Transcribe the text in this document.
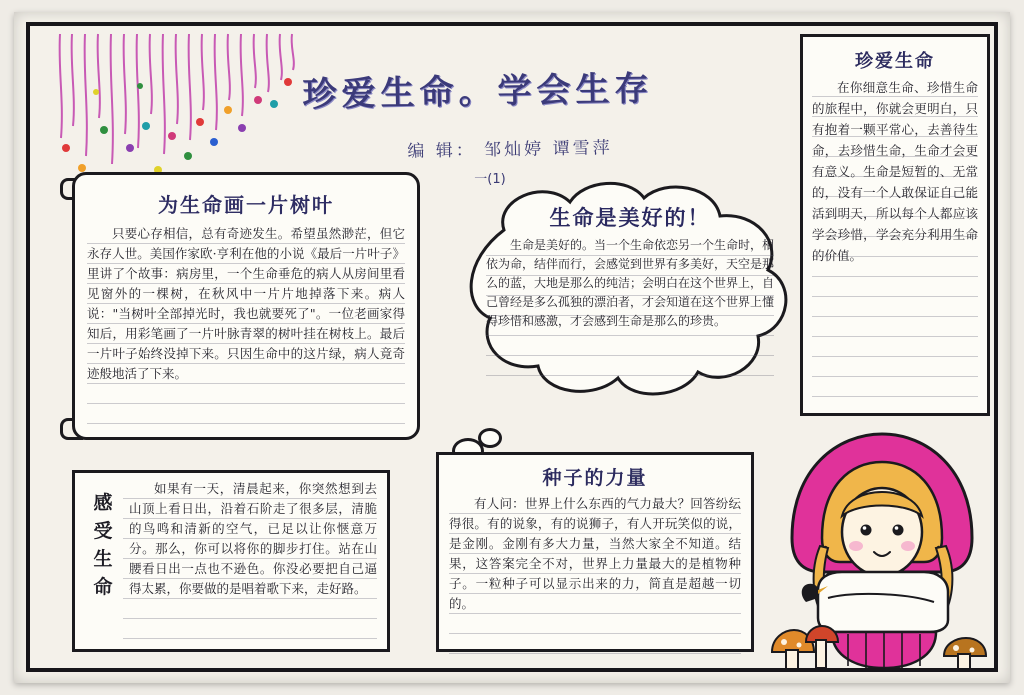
珍爱生命。学会生存
编 辑： 邹灿婷 谭雪萍
一(1)
为生命画一片树叶
只要心存相信，总有奇迹发生。希望虽然渺茫，但它永存人世。美国作家欧·亨利在他的小说《最后一片叶子》里讲了个故事：病房里，一个生命垂危的病人从房间里看见窗外的一棵树，在秋风中一片片地掉落下来。病人说："当树叶全部掉光时，我也就要死了"。一位老画家得知后，用彩笔画了一片叶脉青翠的树叶挂在树枝上。最后一片叶子始终没掉下来。只因生命中的这片绿，病人竟奇迹般地活了下来。
感
受
生
命
如果有一天，清晨起来，你突然想到去山顶上看日出，沿着石阶走了很多层，清脆的鸟鸣和清新的空气，已足以让你惬意万分。那么，你可以将你的脚步打住。站在山腰看日出一点也不逊色。你没必要把自己逼得太累，你要做的是唱着歌下来，走好路。
生命是美好的！
生命是美好的。当一个生命依恋另一个生命时，相依为命，结伴而行，会感觉到世界有多美好，天空是那么的蓝，大地是那么的纯洁；会明白在这个世界上，自己曾经是多么孤独的漂泊者，才会知道在这个世界上懂得珍惜和感激，才会感到生命是那么的珍贵。
珍爱生命
在你细意生命、珍惜生命的旅程中，你就会更明白，只有抱着一颗平常心，去善待生命，去珍惜生命，生命才会更有意义。生命是短暂的、无常的，没有一个人敢保证自己能活到明天，所以每个人都应该学会珍惜，学会充分利用生命的价值。
种子的力量
有人问：世界上什么东西的气力最大？回答纷纭得很。有的说象，有的说狮子，有人开玩笑似的说，是金刚。金刚有多大力量，当然大家全不知道。结果，这答案完全不对，世界上力量最大的是植物种子。一粒种子可以显示出来的力，简直是超越一切的。
